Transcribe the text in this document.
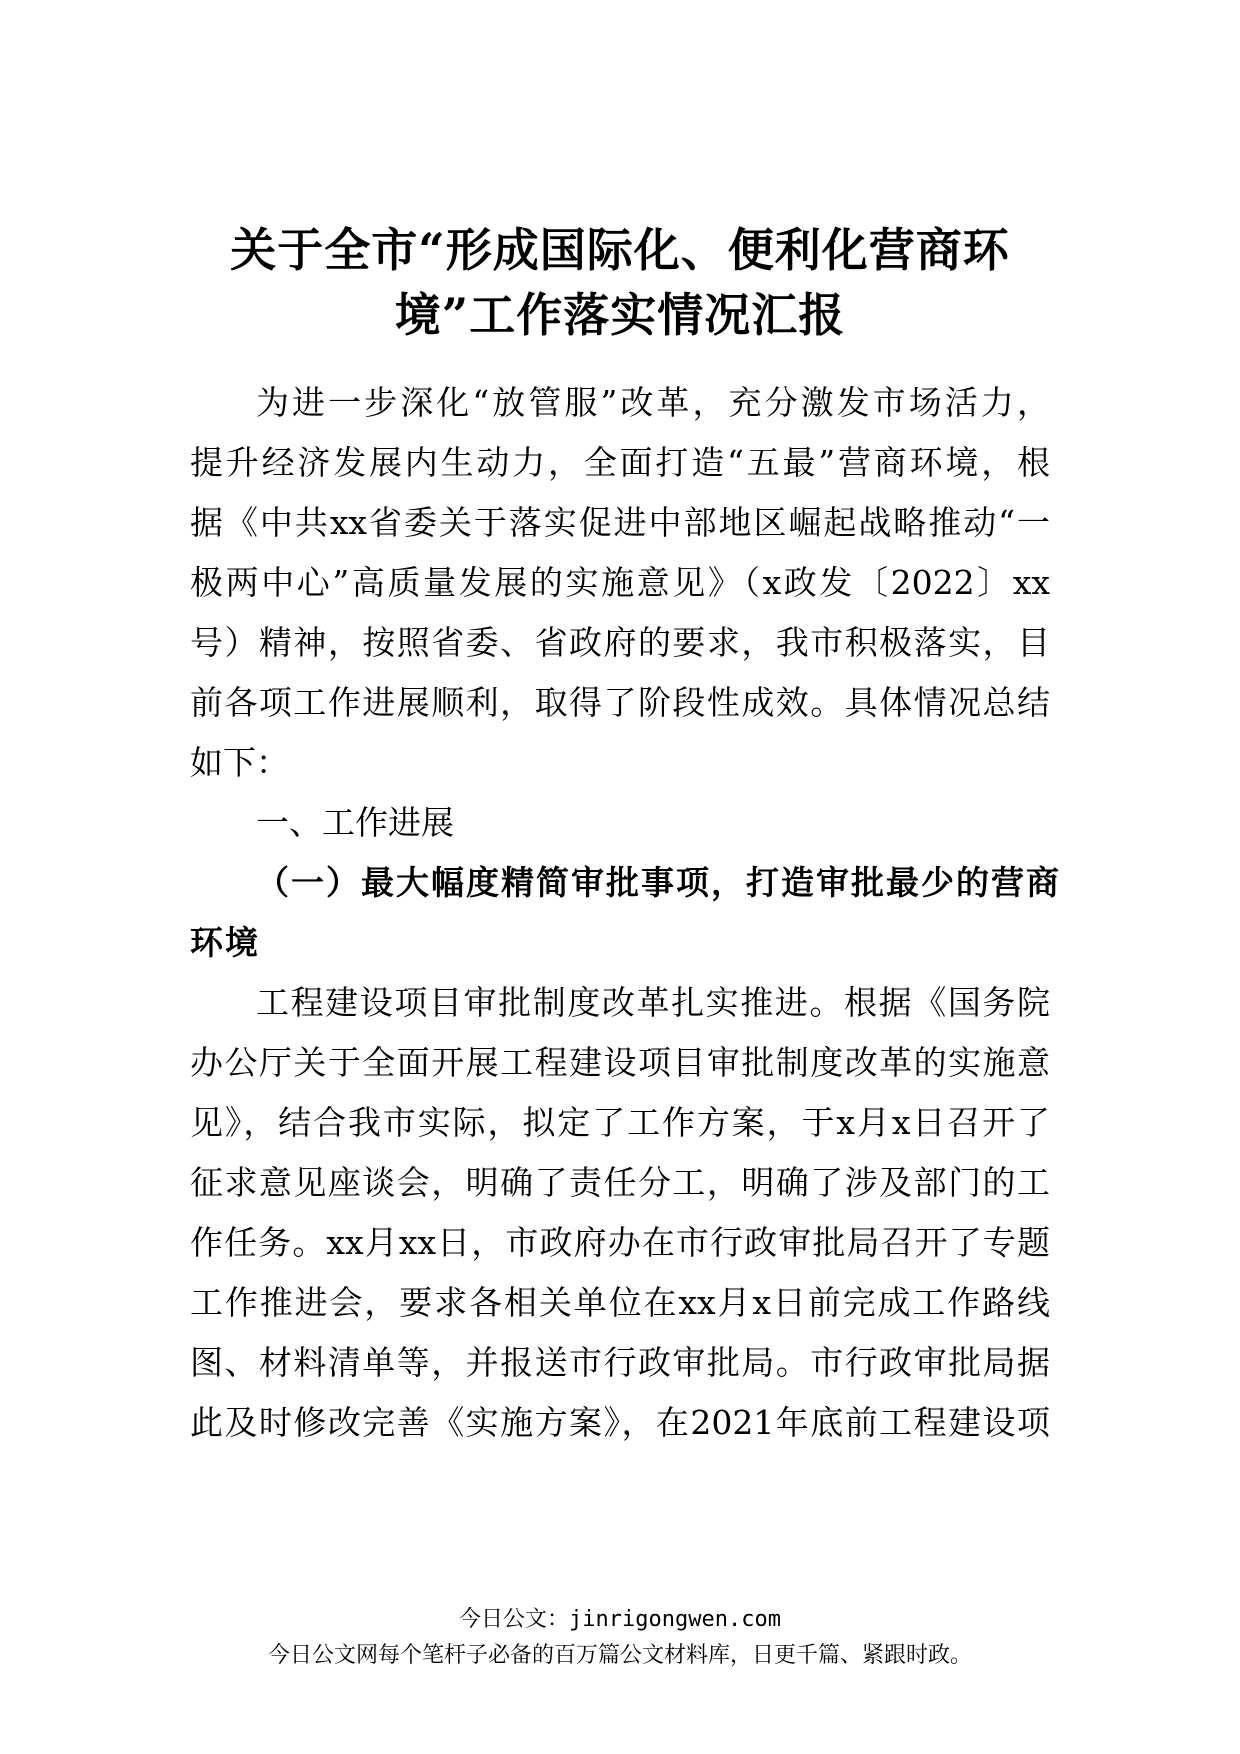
关于全市“形成国际化、便利化营商环
境”工作落实情况汇报
为进一步深化“放管服”改革，充分激发市场活力，
提升经济发展内生动力，全面打造“五最”营商环境，根
据《中共xx省委关于落实促进中部地区崛起战略推动“一
极两中心”高质量发展的实施意见》（x政发〔2022〕xx
号）精神，按照省委、省政府的要求，我市积极落实，目
前各项工作进展顺利，取得了阶段性成效。具体情况总结
如下：
一、工作进展
（一）最大幅度精简审批事项，打造审批最少的营商
环境
工程建设项目审批制度改革扎实推进。根据《国务院
办公厅关于全面开展工程建设项目审批制度改革的实施意
见》，结合我市实际，拟定了工作方案，于x月x日召开了
征求意见座谈会，明确了责任分工，明确了涉及部门的工
作任务。xx月xx日，市政府办在市行政审批局召开了专题
工作推进会，要求各相关单位在xx月x日前完成工作路线
图、材料清单等，并报送市行政审批局。市行政审批局据
此及时修改完善《实施方案》，在2021年底前工程建设项
今日公文：jinrigongwen.com
今日公文网每个笔杆子必备的百万篇公文材料库，日更千篇、紧跟时政。
